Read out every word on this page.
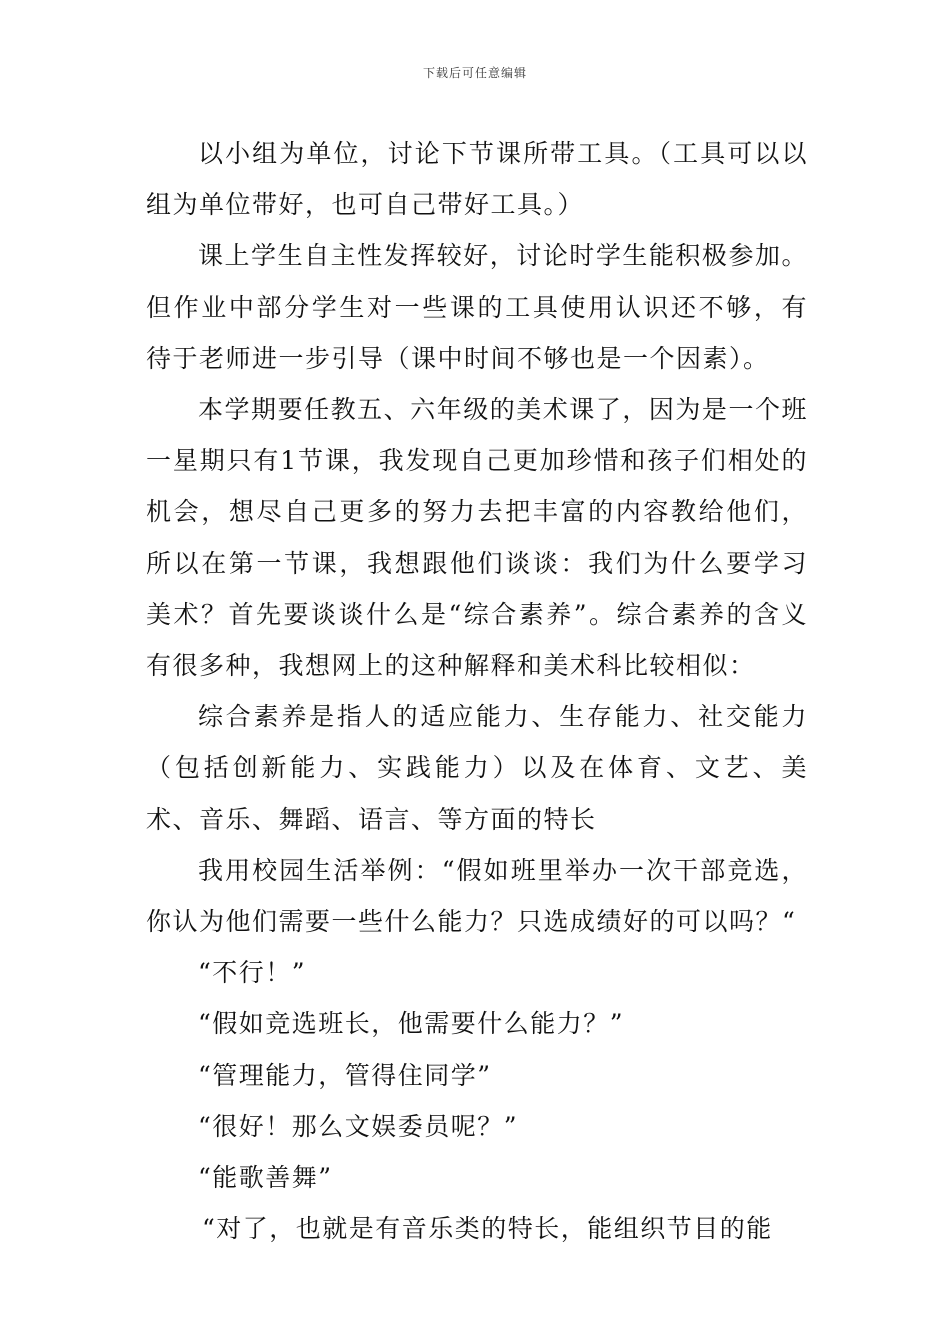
下载后可任意编辑

以小组为单位，讨论下节课所带工具。（工具可以以组为单位带好，也可自己带好工具。）

课上学生自主性发挥较好，讨论时学生能积极参加。但作业中部分学生对一些课的工具使用认识还不够，有待于老师进一步引导（课中时间不够也是一个因素）。

本学期要任教五、六年级的美术课了，因为是一个班一星期只有1节课，我发现自己更加珍惜和孩子们相处的机会，想尽自己更多的努力去把丰富的内容教给他们，所以在第一节课，我想跟他们谈谈：我们为什么要学习美术？首先要谈谈什么是“综合素养”。综合素养的含义有很多种，我想网上的这种解释和美术科比较相似：

综合素养是指人的适应能力、生存能力、社交能力（包括创新能力、实践能力）以及在体育、文艺、美术、音乐、舞蹈、语言、等方面的特长

我用校园生活举例：“假如班里举办一次干部竞选，你认为他们需要一些什么能力？只选成绩好的可以吗？“

“不行！”

“假如竞选班长，他需要什么能力？”

“管理能力，管得住同学”

“很好！那么文娱委员呢？”

“能歌善舞”

“对了，也就是有音乐类的特长，能组织节目的能
